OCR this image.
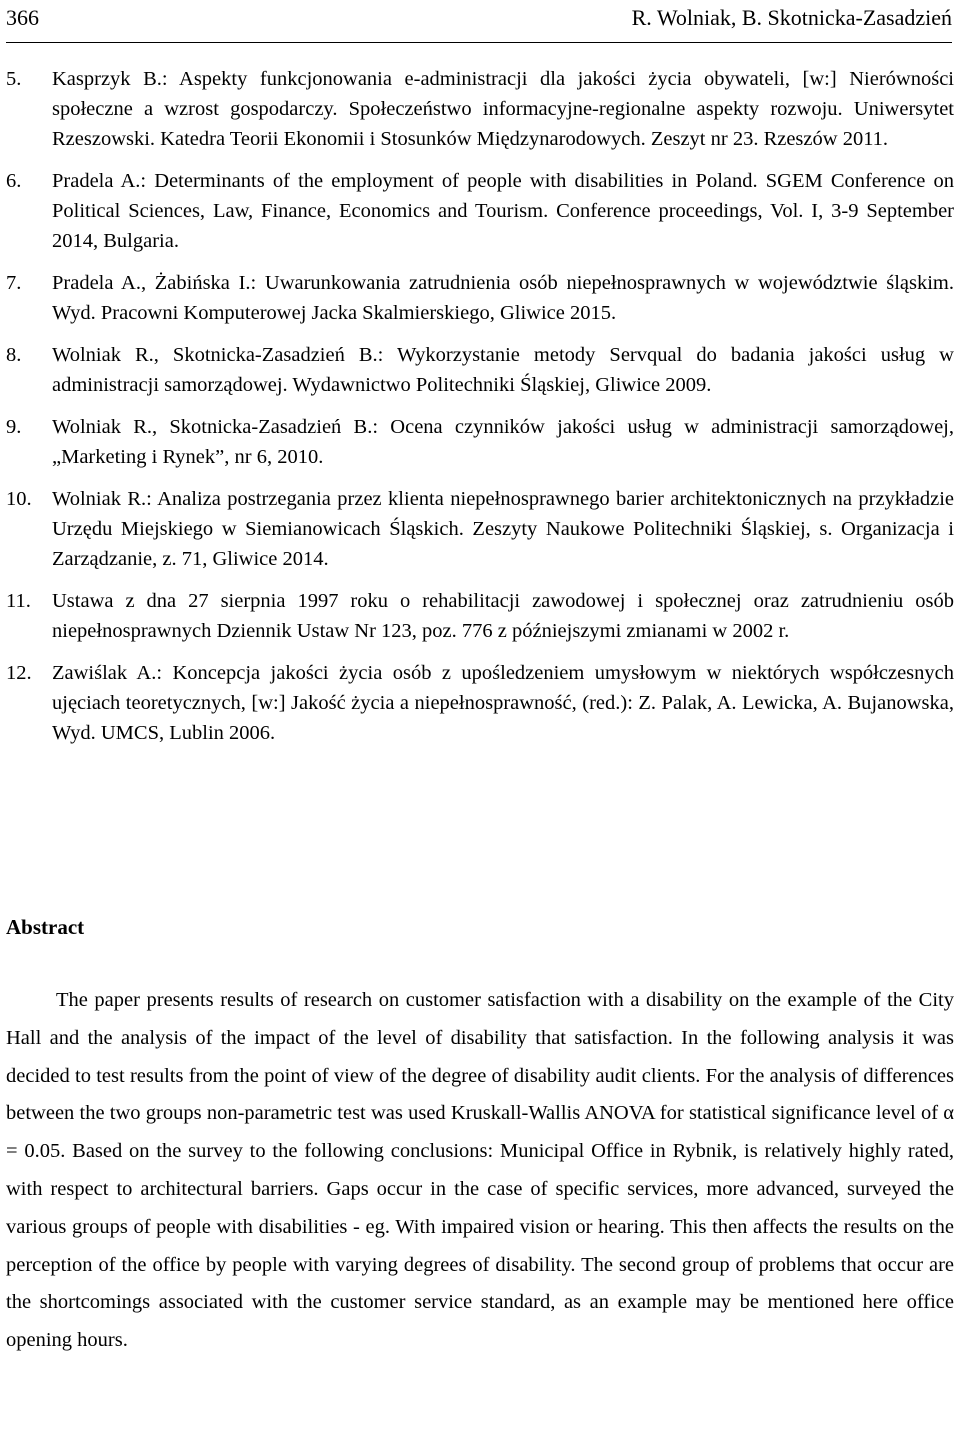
366	R. Wolniak, B. Skotnicka-Zasadzień
5. Kasprzyk B.: Aspekty funkcjonowania e-administracji dla jakości życia obywateli, [w:] Nierówności społeczne a wzrost gospodarczy. Społeczeństwo informacyjne-regionalne aspekty rozwoju. Uniwersytet Rzeszowski. Katedra Teorii Ekonomii i Stosunków Międzynarodowych. Zeszyt nr 23. Rzeszów 2011.
6. Pradela A.: Determinants of the employment of people with disabilities in Poland. SGEM Conference on Political Sciences, Law, Finance, Economics and Tourism. Conference proceedings, Vol. I, 3-9 September 2014, Bulgaria.
7. Pradela A., Żabińska I.: Uwarunkowania zatrudnienia osób niepełnosprawnych w województwie śląskim. Wyd. Pracowni Komputerowej Jacka Skalmierskiego, Gliwice 2015.
8. Wolniak R., Skotnicka-Zasadzień B.: Wykorzystanie metody Servqual do badania jakości usług w administracji samorządowej. Wydawnictwo Politechniki Śląskiej, Gliwice 2009.
9. Wolniak R., Skotnicka-Zasadzień B.: Ocena czynników jakości usług w administracji samorządowej, „Marketing i Rynek”, nr 6, 2010.
10. Wolniak R.: Analiza postrzegania przez klienta niepełnosprawnego barier architektonicznych na przykładzie Urzędu Miejskiego w Siemianowicach Śląskich. Zeszyty Naukowe Politechniki Śląskiej, s. Organizacja i Zarządzanie, z. 71, Gliwice 2014.
11. Ustawa z dna 27 sierpnia 1997 roku o rehabilitacji zawodowej i społecznej oraz zatrudnieniu osób niepełnosprawnych Dziennik Ustaw Nr 123, poz. 776 z późniejszymi zmianami w 2002 r.
12. Zawiślak A.: Koncepcja jakości życia osób z upośledzeniem umysłowym w niektórych współczesnych ujęciach teoretycznych, [w:] Jakość życia a niepełnosprawność, (red.): Z. Palak, A. Lewicka, A. Bujanowska, Wyd. UMCS, Lublin 2006.
Abstract

The paper presents results of research on customer satisfaction with a disability on the example of the City Hall and the analysis of the impact of the level of disability that satisfaction. In the following analysis it was decided to test results from the point of view of the degree of disability audit clients. For the analysis of differences between the two groups non-parametric test was used Kruskall-Wallis ANOVA for statistical significance level of α = 0.05. Based on the survey to the following conclusions: Municipal Office in Rybnik, is relatively highly rated, with respect to architectural barriers. Gaps occur in the case of specific services, more advanced, surveyed the various groups of people with disabilities - eg. With impaired vision or hearing. This then affects the results on the perception of the office by people with varying degrees of disability. The second group of problems that occur are the shortcomings associated with the customer service standard, as an example may be mentioned here office opening hours.
